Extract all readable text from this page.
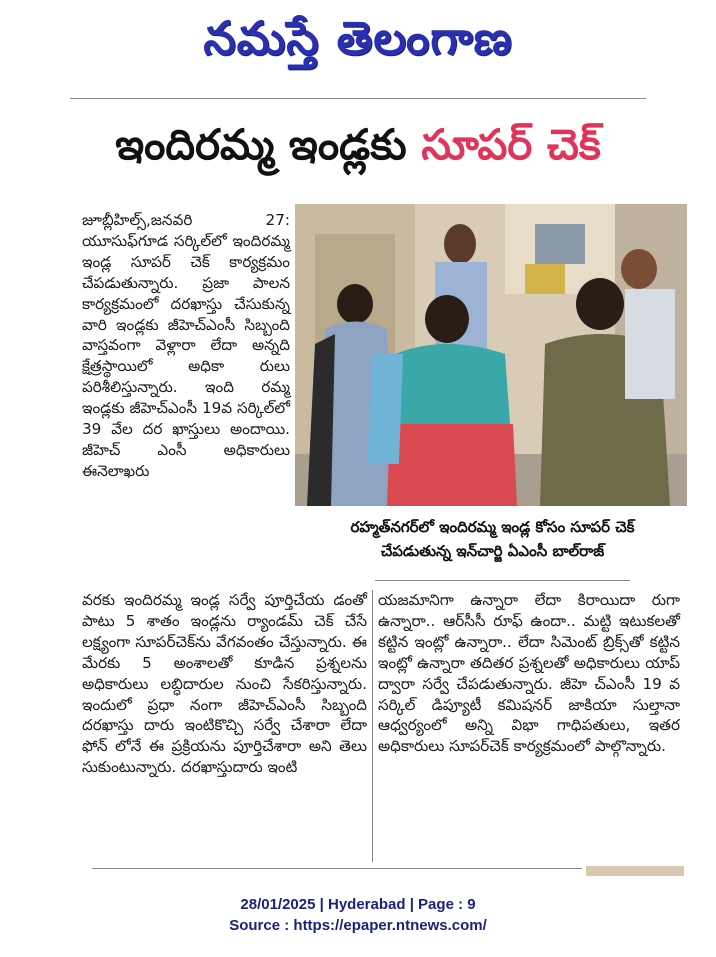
నమస్తే తెలంగాణ
ఇందిరమ్మ ఇండ్లకు సూపర్ చెక్

జూబ్లీహిల్స్,జనవరి 27: యూసుఫ్‌గూడ సర్కిల్‌లో ఇందిరమ్మ ఇండ్ల సూపర్ చెక్ కార్యక్రమం చేపడుతున్నారు. ప్రజా పాలన కార్యక్రమంలో దరఖాస్తు చేసుకున్న వారి ఇండ్లకు జీహెచ్‌ఎంసీ సిబ్బంది వాస్తవంగా వెళ్లారా లేదా అన్నది క్షేత్రస్థాయిలో అధికా రులు పరిశీలిస్తున్నారు. ఇంది రమ్మ ఇండ్లకు జీహెచ్‌ఎంసీ 19వ సర్కిల్‌లో 39 వేల దర ఖాస్తులు అందాయి. జీహెచ్ ఎంసీ అధికారులు ఈనెలాఖరు

రహ్మత్‌నగర్‌లో ఇందిరమ్మ ఇండ్ల కోసం సూపర్ చెక్
చేపడుతున్న ఇన్‌చార్జి ఏఎంసీ బాల్‌రాజ్

వరకు ఇందిరమ్మ ఇండ్ల సర్వే పూర్తిచేయ డంతో పాటు 5 శాతం ఇండ్లను ర్యాండమ్ చెక్ చేసే లక్ష్యంగా సూపర్‌చెక్‌ను వేగవంతం చేస్తున్నారు. ఈ మేరకు 5 అంశాలతో కూడిన ప్రశ్నలను అధికారులు లబ్ధిదారుల నుంచి సేకరిస్తున్నారు. ఇందులో ప్రధా నంగా జీహెచ్‌ఎంసీ సిబ్బంది దరఖాస్తు దారు ఇంటికొచ్చి సర్వే చేశారా లేదా ఫోన్ లోనే ఈ ప్రక్రియను పూర్తిచేశారా అని తెలు సుకుంటున్నారు. దరఖాస్తుదారు ఇంటి

యజమానిగా ఉన్నారా లేదా కిరాయిదా రుగా ఉన్నారా.. ఆర్‌సీసీ రూఫ్ ఉందా.. మట్టి ఇటుకలతో కట్టిన ఇంట్లో ఉన్నారా.. లేదా సిమెంట్ బ్రిక్స్‌తో కట్టిన ఇంట్లో ఉన్నారా తదితర ప్రశ్నలతో అధికారులు యాప్ ద్వారా సర్వే చేపడుతున్నారు. జీహె చ్‌ఎంసీ 19 వ సర్కిల్ డిప్యూటీ కమిషనర్ జాకియా సుల్తానా ఆధ్వర్యంలో అన్ని విభా గాధిపతులు, ఇతర అధికారులు సూపర్‌చెక్ కార్యక్రమంలో పాల్గొన్నారు.

28/01/2025 | Hyderabad | Page : 9
Source : https://epaper.ntnews.com/
